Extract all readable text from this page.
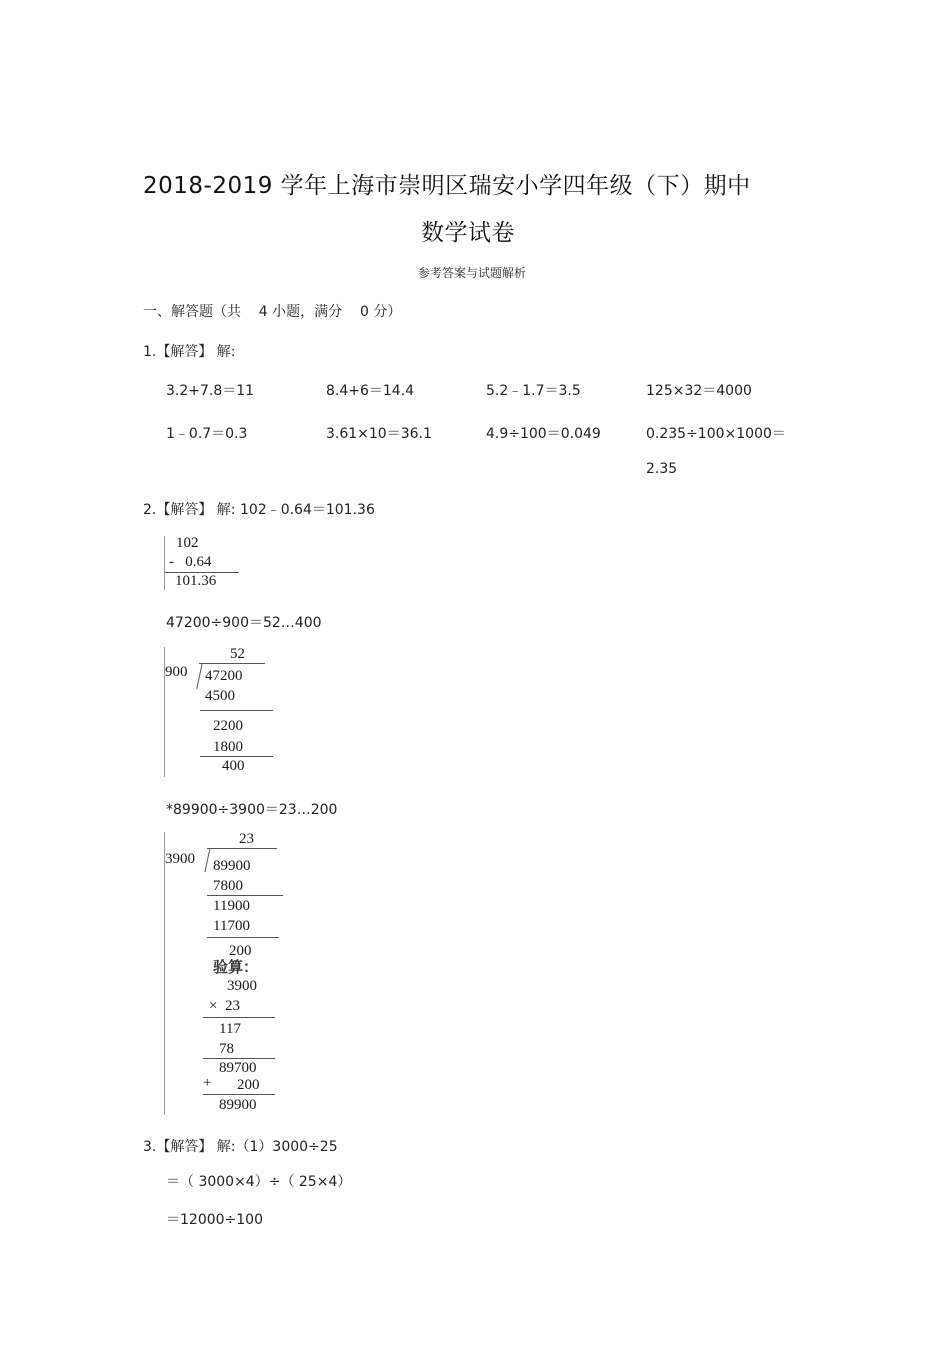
2018-2019 学年上海市崇明区瑞安小学四年级（下）期中
数学试卷
参考答案与试题解析
一、解答题（共    4 小题，满分    0 分）
1.【解答】 解:
3.2+7.8＝11	8.4+6＝14.4	5.2﹣1.7＝3.5	125×32＝4000
1﹣0.7＝0.3	3.61×10＝36.1	4.9÷100＝0.049	0.235÷100×1000＝
2.35
2.【解答】 解: 102﹣0.64＝101.36
102
-   0.64
101.36
47200÷900＝52…400
52
900 47200
4500
2200
1800
400
*89900÷3900＝23…200
23
3900 89900
7800
11900
11700
200
验算：
3900
×  23
117
78
89700
+ 200
89900
3.【解答】 解:（1）3000÷25
＝（ 3000×4）÷（ 25×4）
＝12000÷100
